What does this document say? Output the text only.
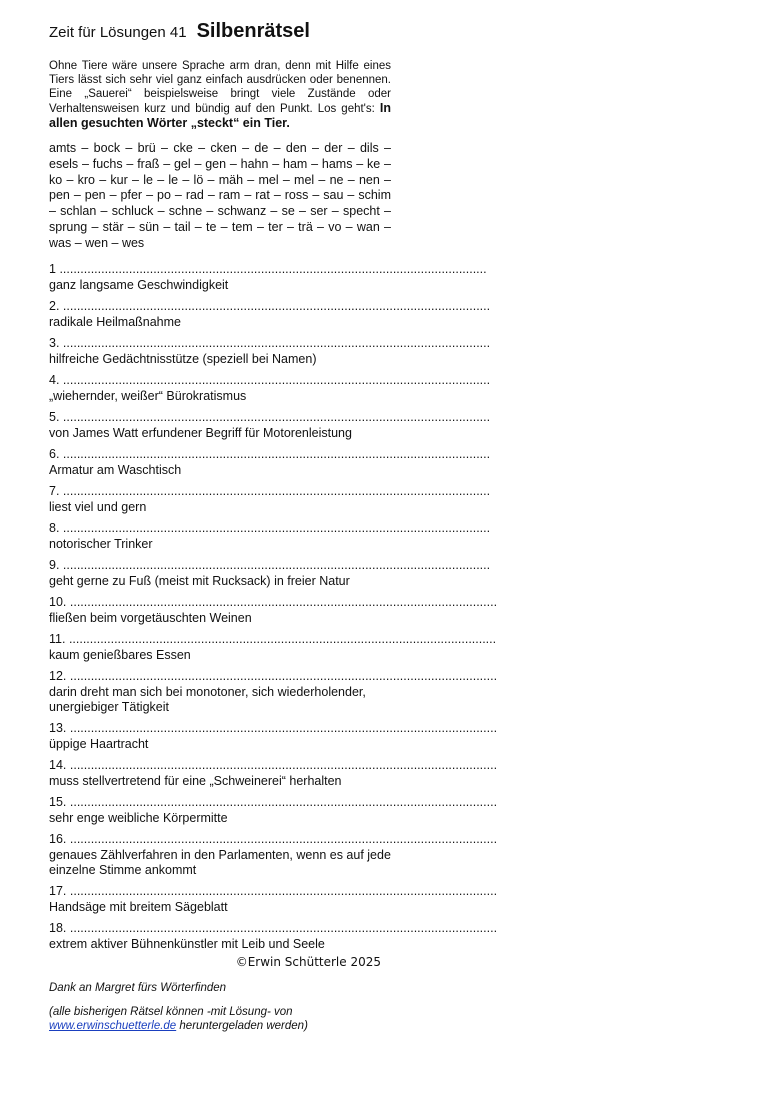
Zeit für Lösungen 41 Silbenrätsel
Ohne Tiere wäre unsere Sprache arm dran, denn mit Hilfe eines Tiers lässt sich sehr viel ganz einfach ausdrücken oder benennen. Eine „Sauerei“ beispielsweise bringt viele Zustände oder Verhaltensweisen kurz und bündig auf den Punkt. Los geht's: In allen gesuchten Wörter „steckt“ ein Tier.
amts – bock – brü – cke – cken – de – den – der – dils – esels – fuchs – fraß – gel – gen – hahn – ham – hams – ke – ko – kro – kur – le – le – lö – mäh – mel – mel – ne – nen – pen – pen – pfer – po – rad – ram – rat – ross – sau – schim – schlan – schluck – schne – schwanz – se – ser – specht – sprung – stär – sün – tail – te – tem – ter – trä – vo – wan – was – wen – wes
1 ...........................................................................................................................
ganz langsame Geschwindigkeit
2. ...........................................................................................................................
radikale Heilmaßnahme
3. ...........................................................................................................................
hilfreiche Gedächtnisstütze (speziell bei Namen)
4. ...........................................................................................................................
„wiehernder, weißer“ Bürokratismus
5. ...........................................................................................................................
von James Watt erfundener Begriff für Motorenleistung
6. ...........................................................................................................................
Armatur am Waschtisch
7. ...........................................................................................................................
liest viel und gern
8. ...........................................................................................................................
notorischer Trinker
9. ...........................................................................................................................
geht gerne zu Fuß (meist mit Rucksack) in freier Natur
10. ...........................................................................................................................
fließen beim vorgetäuschten Weinen
11. ...........................................................................................................................
kaum genießbares Essen
12. ...........................................................................................................................
darin dreht man sich bei monotoner, sich wiederholender, unergiebiger Tätigkeit
13. ...........................................................................................................................
üppige Haartracht
14. ...........................................................................................................................
muss stellvertretend für eine „Schweinerei“ herhalten
15. ...........................................................................................................................
sehr enge weibliche Körpermitte
16. ...........................................................................................................................
genaues Zählverfahren in den Parlamenten, wenn es auf jede einzelne Stimme ankommt
17. ...........................................................................................................................
Handsäge mit breitem Sägeblatt
18. ...........................................................................................................................
extrem aktiver Bühnenkünstler mit Leib und Seele
©Erwin Schütterle 2025
Dank an Margret fürs Wörterfinden
(alle bisherigen Rätsel können -mit Lösung- von
www.erwinschuetterle.de heruntergeladen werden)
